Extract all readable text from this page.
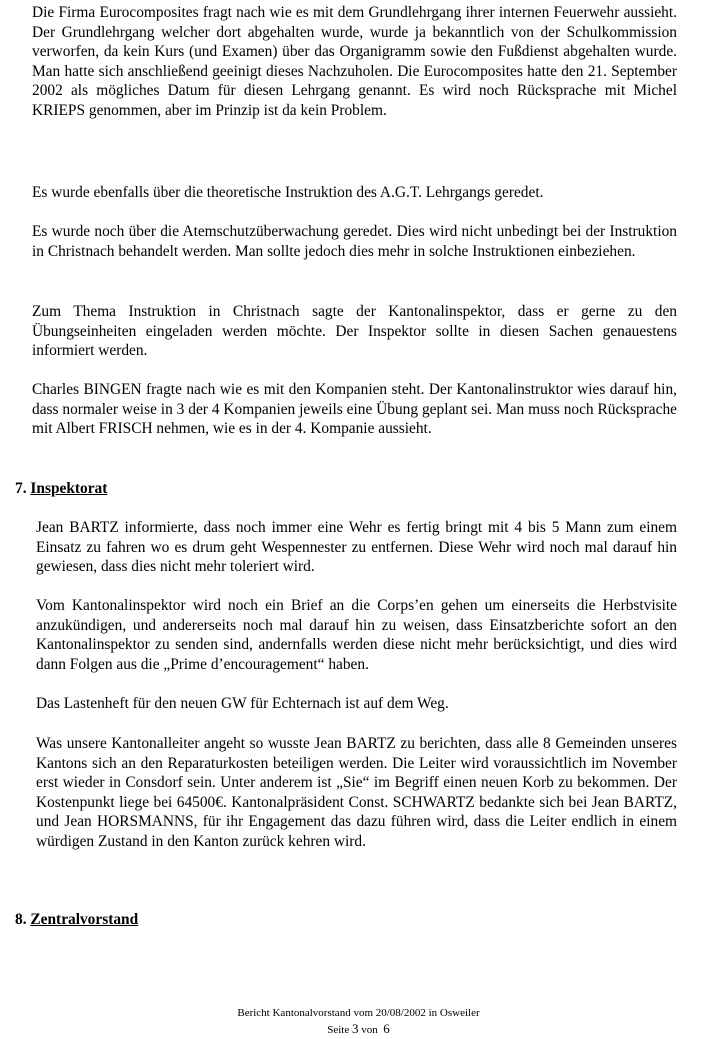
Die Firma Eurocomposites fragt nach wie es mit dem Grundlehrgang ihrer internen Feuerwehr aussieht. Der Grundlehrgang welcher dort abgehalten wurde, wurde ja bekanntlich von der Schulkommission verworfen, da kein Kurs (und Examen) über das Organigramm sowie den Fußdienst abgehalten wurde. Man hatte sich anschließend geeinigt dieses Nachzuholen. Die Eurocomposites hatte den 21. September 2002 als mögliches Datum für diesen Lehrgang genannt. Es wird noch Rücksprache mit Michel KRIEPS genommen, aber im Prinzip ist da kein Problem.

Es wurde ebenfalls über die theoretische Instruktion des A.G.T. Lehrgangs geredet.

Es wurde noch über die Atemschutzüberwachung geredet. Dies wird nicht unbedingt bei der Instruktion in Christnach behandelt werden. Man sollte jedoch dies mehr in solche Instruktionen einbeziehen.

Zum Thema Instruktion in Christnach sagte der Kantonalinspektor, dass er gerne zu den Übungseinheiten eingeladen werden möchte. Der Inspektor sollte in diesen Sachen genauestens informiert werden.

Charles BINGEN fragte nach wie es mit den Kompanien steht. Der Kantonalinstruktor wies darauf hin, dass normaler weise in 3 der 4 Kompanien jeweils eine Übung geplant sei. Man muss noch Rücksprache mit Albert FRISCH nehmen, wie es in der 4. Kompanie aussieht.

7. Inspektorat

Jean BARTZ informierte, dass noch immer eine Wehr es fertig bringt mit 4 bis 5 Mann zum einem Einsatz zu fahren wo es drum geht Wespennester zu entfernen. Diese Wehr wird noch mal darauf hin gewiesen, dass dies nicht mehr toleriert wird.

Vom Kantonalinspektor wird noch ein Brief an die Corps’en gehen um einerseits die Herbstvisite anzukündigen, und andererseits noch mal darauf hin zu weisen, dass Einsatzberichte sofort an den Kantonalinspektor zu senden sind, andernfalls werden diese nicht mehr berücksichtigt, und dies wird dann Folgen aus die „Prime d’encouragement“ haben.

Das Lastenheft für den neuen GW für Echternach ist auf dem Weg.

Was unsere Kantonalleiter angeht so wusste Jean BARTZ zu berichten, dass alle 8 Gemeinden unseres Kantons sich an den Reparaturkosten beteiligen werden. Die Leiter wird voraussichtlich im November erst wieder in Consdorf sein. Unter anderem ist „Sie“ im Begriff einen neuen Korb zu bekommen. Der Kostenpunkt liege bei 64500€. Kantonalpräsident Const. SCHWARTZ bedankte sich bei Jean BARTZ, und Jean HORSMANNS, für ihr Engagement das dazu führen wird, dass die Leiter endlich in einem würdigen Zustand in den Kanton zurück kehren wird.

8. Zentralvorstand
Bericht Kantonalvorstand vom 20/08/2002 in Osweiler
Seite 3 von 6
